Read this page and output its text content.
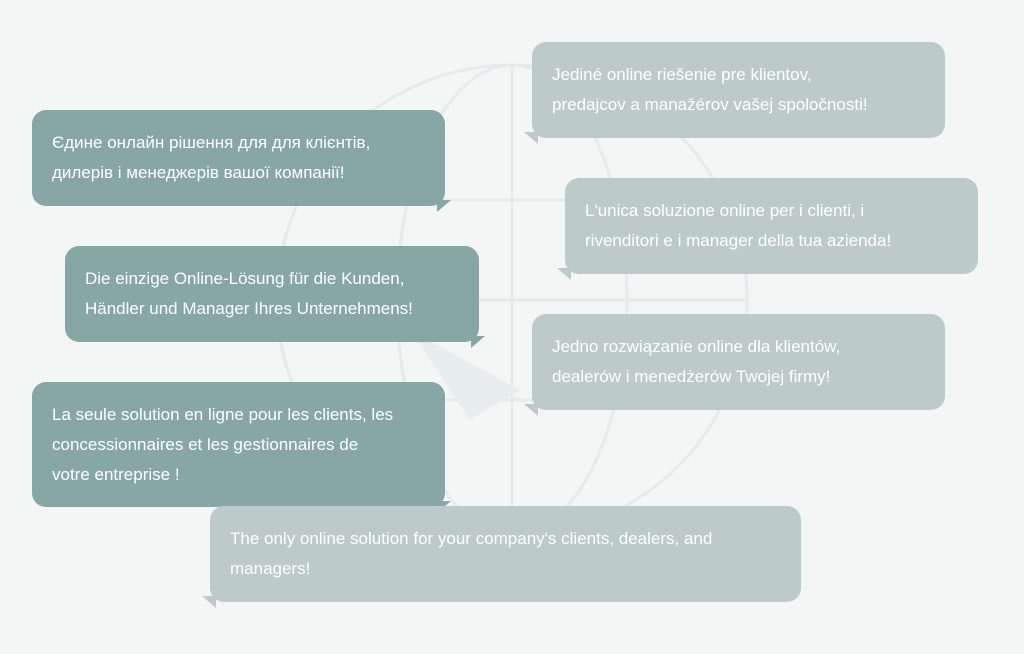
Єдине онлайн рішення для для клієнтів,
дилерів і менеджерів вашої компанії!
Die einzige Online-Lösung für die Kunden,
Händler und Manager Ihres Unternehmens!
La seule solution en ligne pour les clients, les
concessionnaires et les gestionnaires de
votre entreprise !
Jediné online riešenie pre klientov,
predajcov a manažérov vašej spoločnosti!
L'unica soluzione online per i clienti, i
rivenditori e i manager della tua azienda!
Jedno rozwiązanie online dla klientów,
dealerów i menedżerów Twojej firmy!
The only online solution for your company's clients, dealers, and
managers!
